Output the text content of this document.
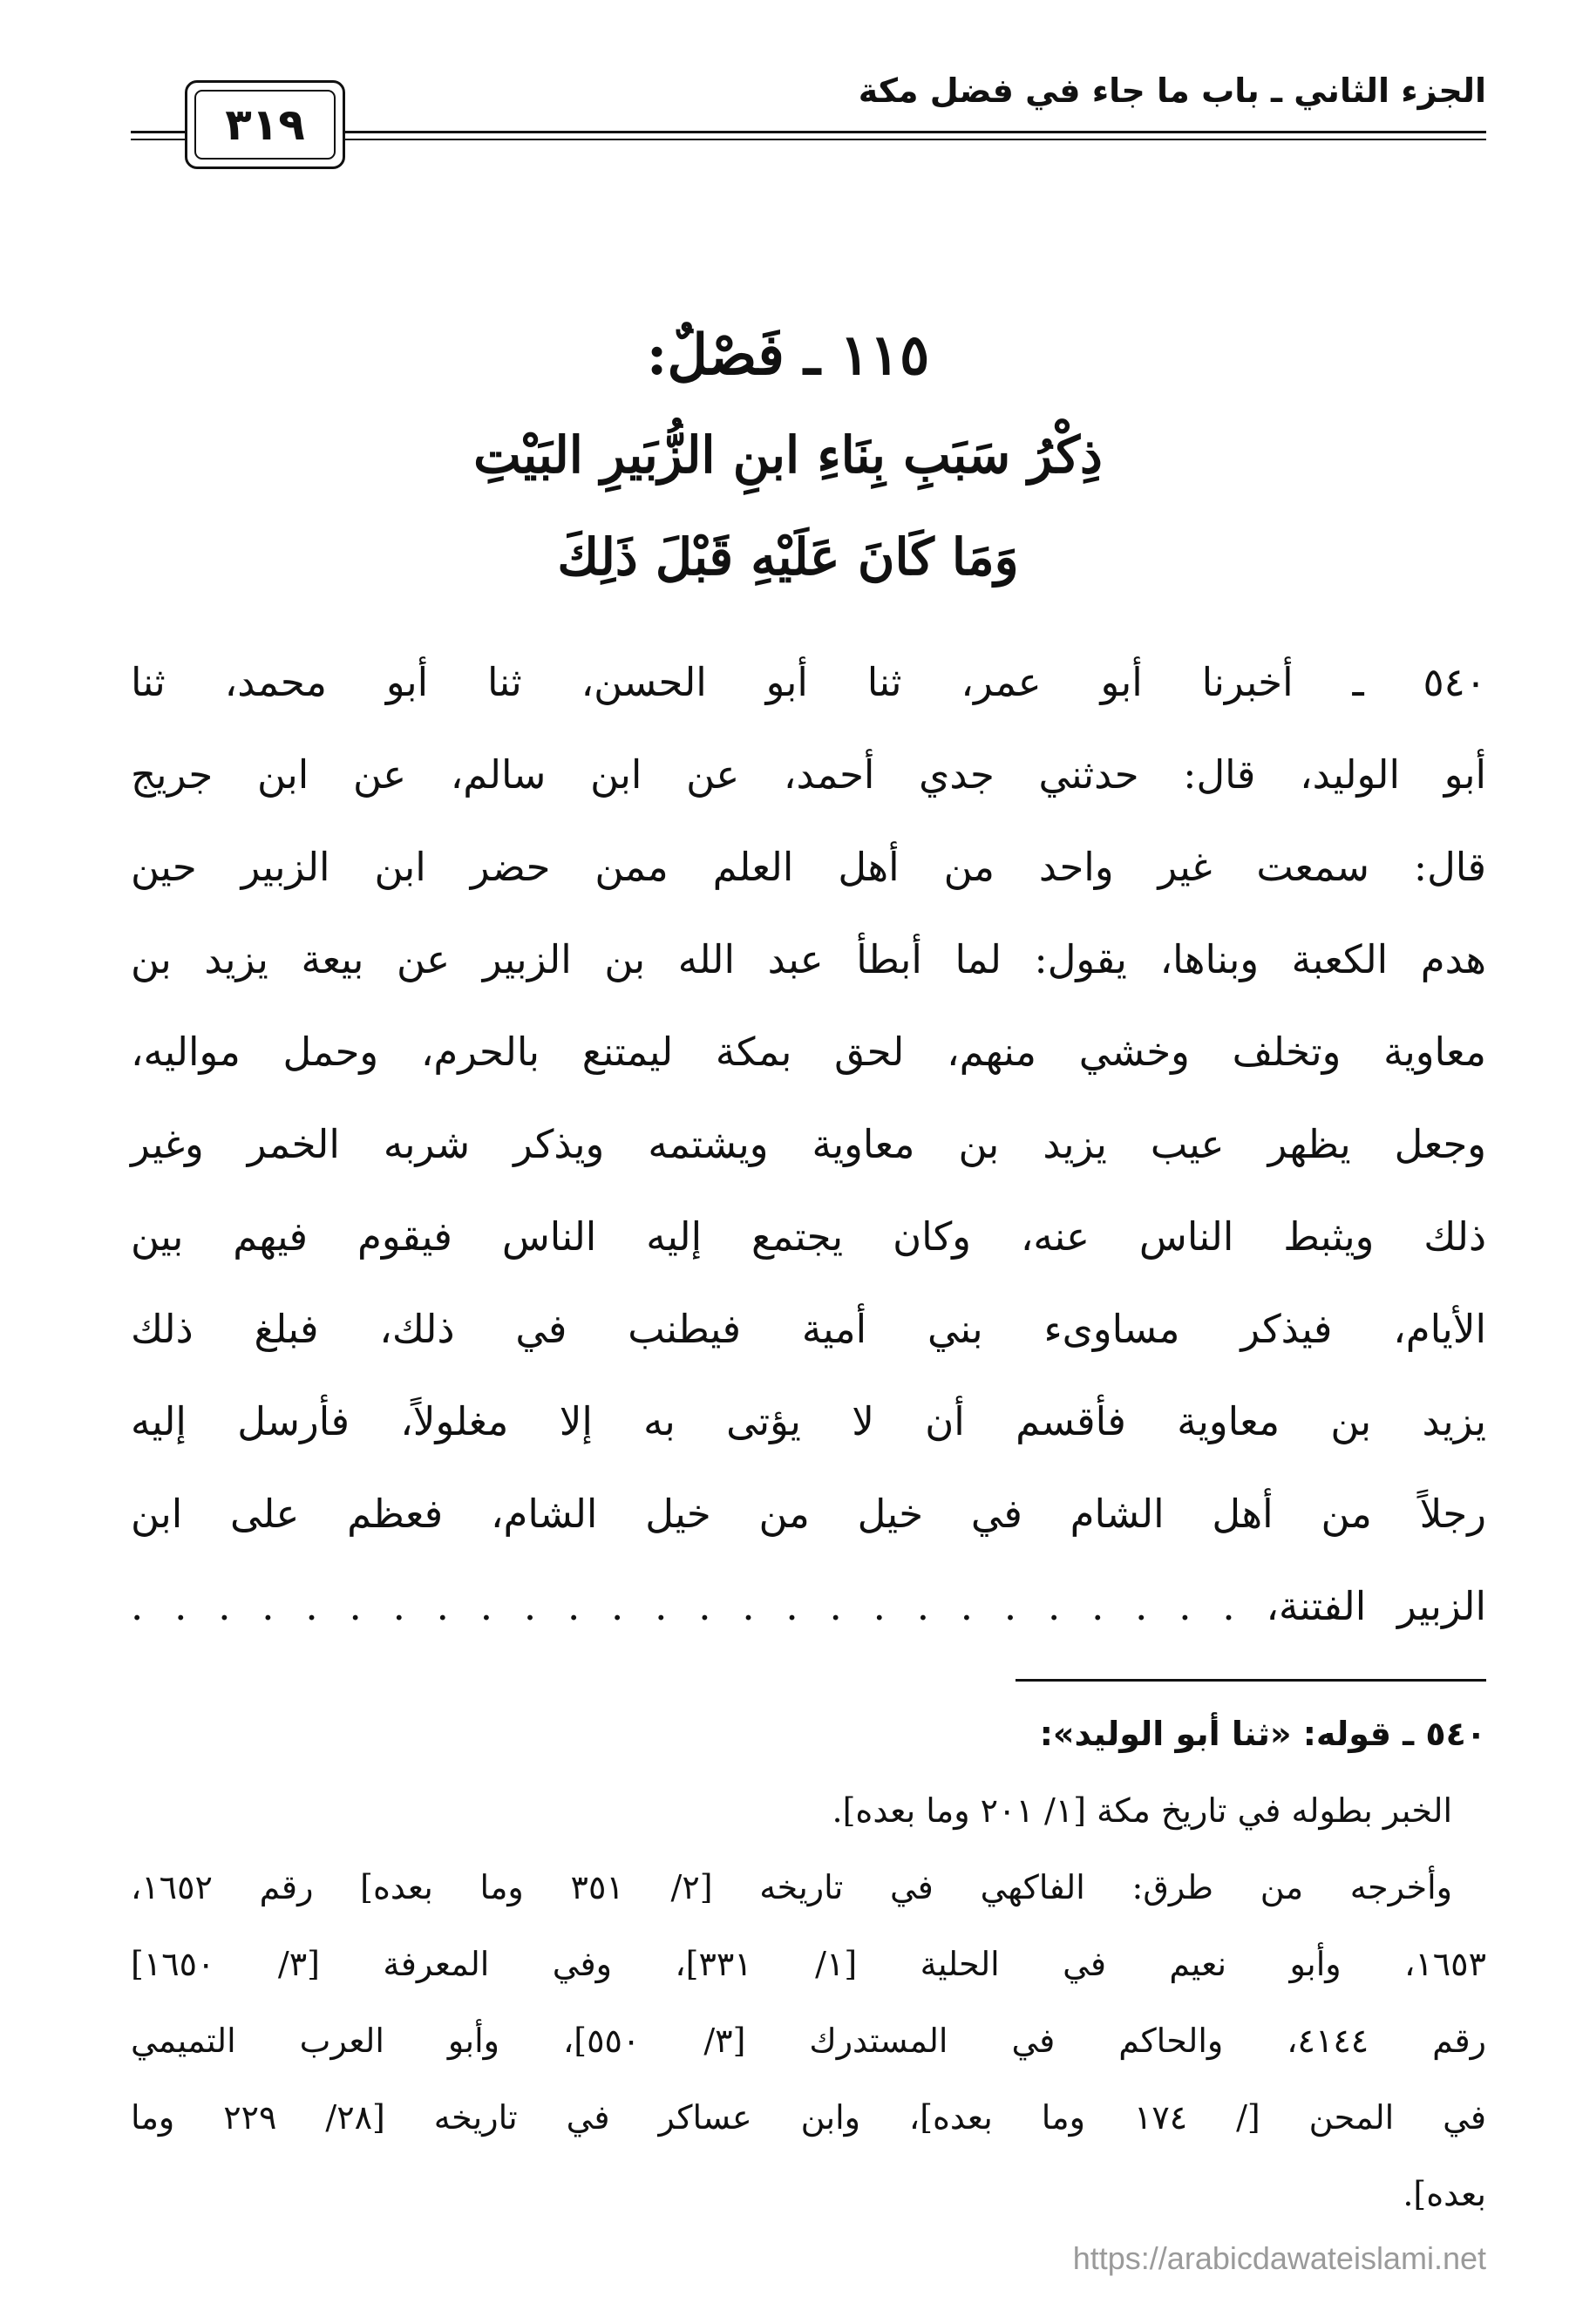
الجزء الثاني ـ باب ما جاء في فضل مكة
٣١٩
١١٥ ـ فَصْلٌ:
ذِكْرُ سَبَبِ بِنَاءِ ابنِ الزُّبَيرِ البَيْتِ
وَمَا كَانَ عَلَيْهِ قَبْلَ ذَلِكَ
٥٤٠ ـ أخبرنا أبو عمر، ثنا أبو الحسن، ثنا أبو محمد، ثنا
أبو الوليد، قال: حدثني جدي أحمد، عن ابن سالم، عن ابن جريج
قال: سمعت غير واحد من أهل العلم ممن حضر ابن الزبير حين
هدم الكعبة وبناها، يقول: لما أبطأ عبد الله بن الزبير عن بيعة يزيد بن
معاوية وتخلف وخشي منهم، لحق بمكة ليمتنع بالحرم، وحمل مواليه،
وجعل يظهر عيب يزيد بن معاوية ويشتمه ويذكر شربه الخمر وغير
ذلك ويثبط الناس عنه، وكان يجتمع إليه الناس فيقوم فيهم بين
الأيام، فيذكر مساوىء بني أمية فيطنب في ذلك، فبلغ ذلك
يزيد بن معاوية فأقسم أن لا يؤتى به إلا مغلولاً، فأرسل إليه
رجلاً من أهل الشام في خيل من خيل الشام، فعظم على ابن
الزبير الفتنة، . . . . . . . . . . . . . . . . . . . . . . . . . .
٥٤٠ ـ قوله: «ثنا أبو الوليد»:
الخبر بطوله في تاريخ مكة [١/ ٢٠١ وما بعده].
وأخرجه من طرق: الفاكهي في تاريخه [٢/ ٣٥١ وما بعده] رقم ١٦٥٢،
١٦٥٣، وأبو نعيم في الحلية [١/ ٣٣١]، وفي المعرفة [٣/ ١٦٥٠]
رقم ٤١٤٤، والحاكم في المستدرك [٣/ ٥٥٠]، وأبو العرب التميمي
في المحن [/ ١٧٤ وما بعده]، وابن عساكر في تاريخه [٢٨/ ٢٢٩ وما
بعده].
https://arabicdawateislami.net
